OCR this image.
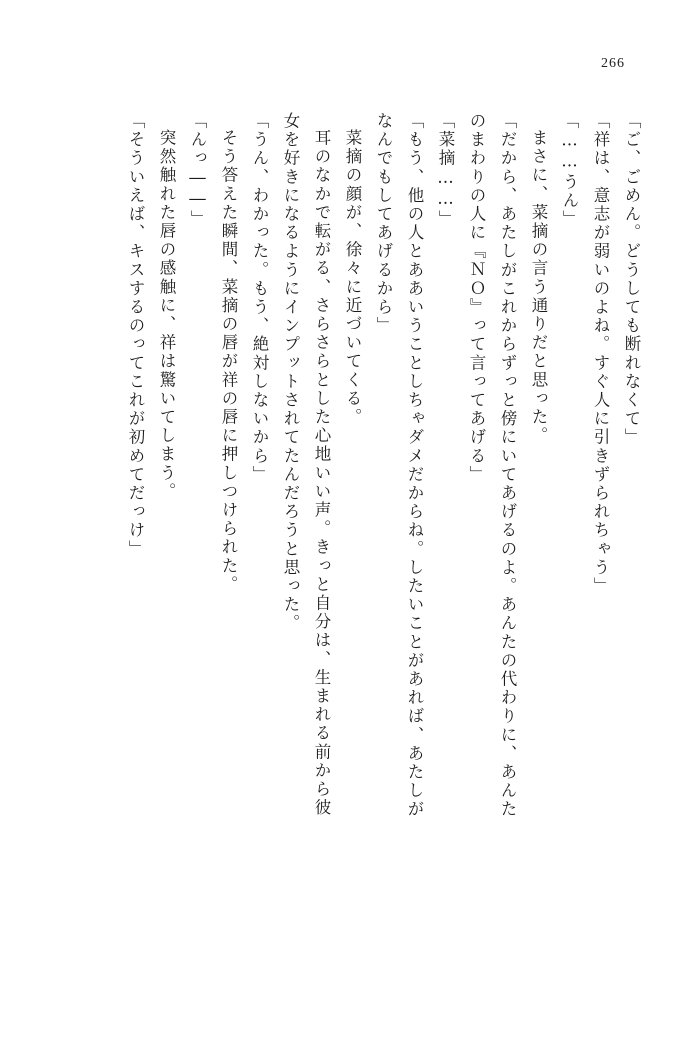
266
「ご、ごめん。どうしても断れなくて」
「祥は、意志が弱いのよね。すぐ人に引きずられちゃう」
「……うん」
まさに、菜摘の言う通りだと思った。
「だから、あたしがこれからずっと傍にいてあげるのよ。あんたの代わりに、あんた
のまわりの人に『ＮＯ』って言ってあげる」
「菜摘……」
「もう、他の人とああいうことしちゃダメだからね。したいことがあれば、あたしが
なんでもしてあげるから」
菜摘の顔が、徐々に近づいてくる。
耳のなかで転がる、さらさらとした心地いい声。きっと自分は、生まれる前から彼
女を好きになるようにインプットされてたんだろうと思った。
「うん、わかった。もう、絶対しないから」
そう答えた瞬間、菜摘の唇が祥の唇に押しつけられた。
「んっ――」
突然触れた唇の感触に、祥は驚いてしまう。
「そういえば、キスするのってこれが初めてだっけ」
